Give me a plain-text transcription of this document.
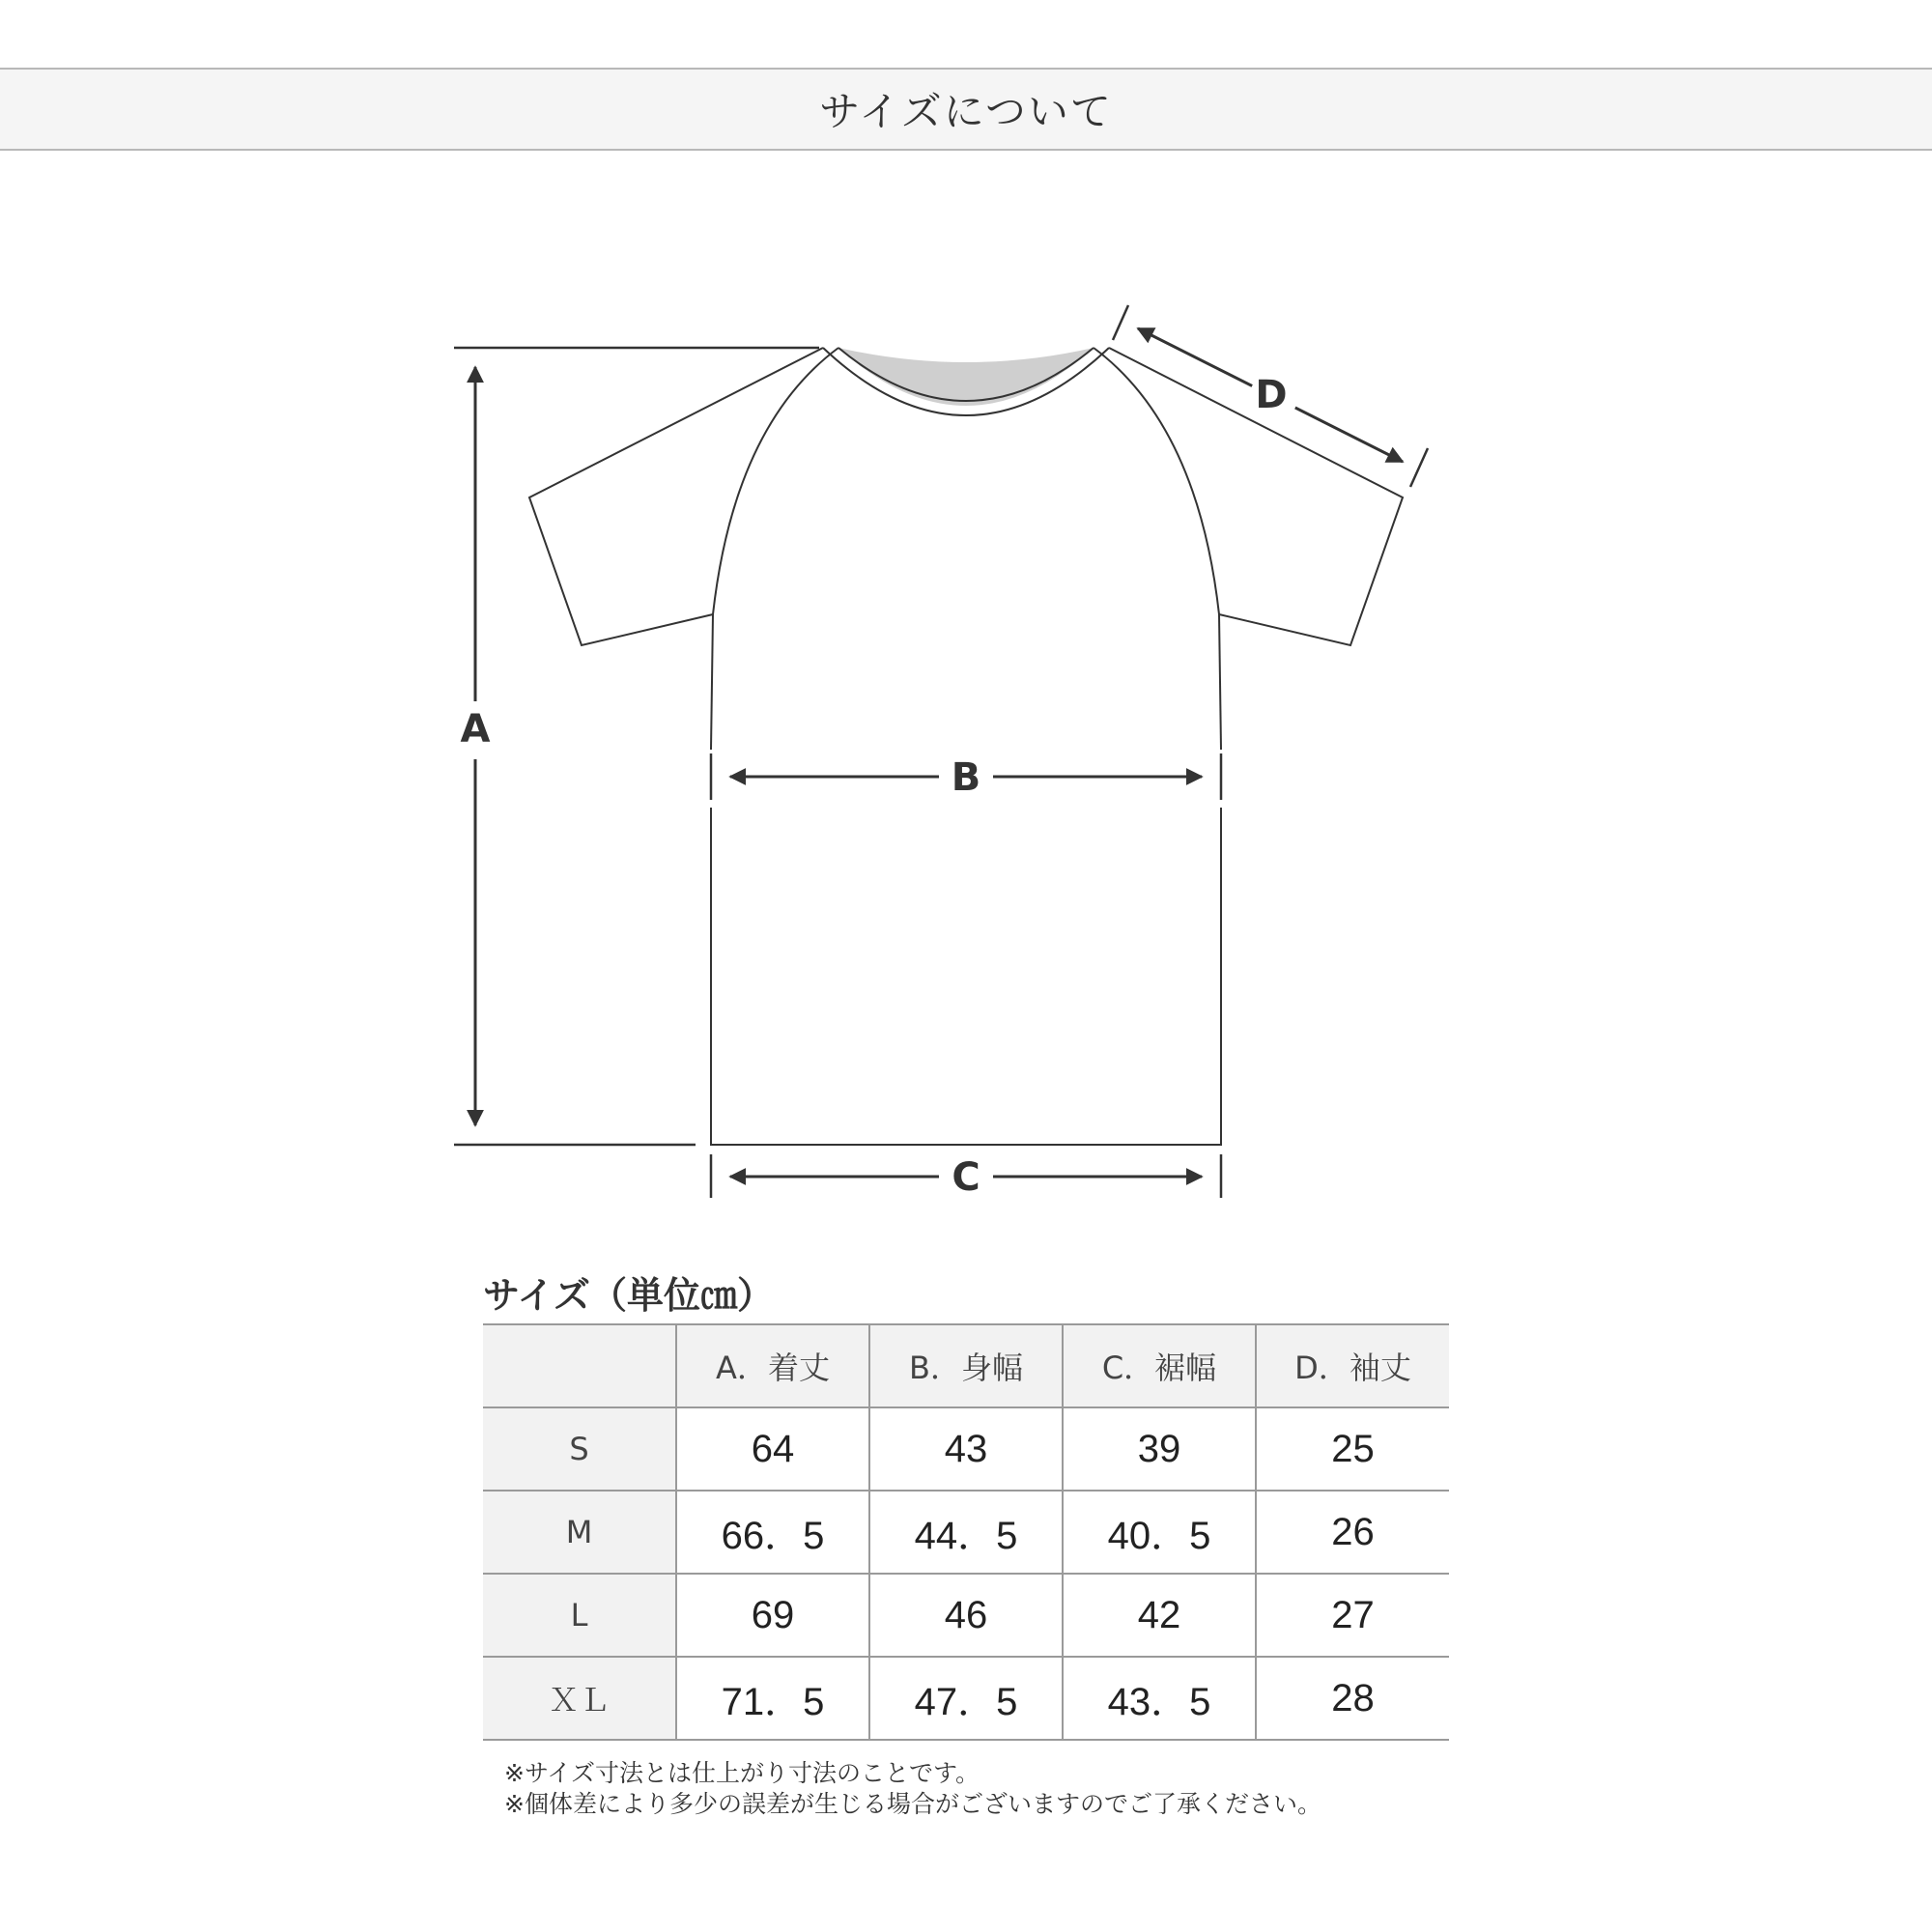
サイズについて
A
B
C
D
サイズ（単位㎝）
	A．着丈	B．身幅	C．裾幅	D．袖丈
S	64	43	39	25
M	66．5	44．5	40．5	26
L	69	46	42	27
ＸＬ	71．5	47．5	43．5	28
※サイズ寸法とは仕上がり寸法のことです。
※個体差により多少の誤差が生じる場合がございますのでご了承ください。
